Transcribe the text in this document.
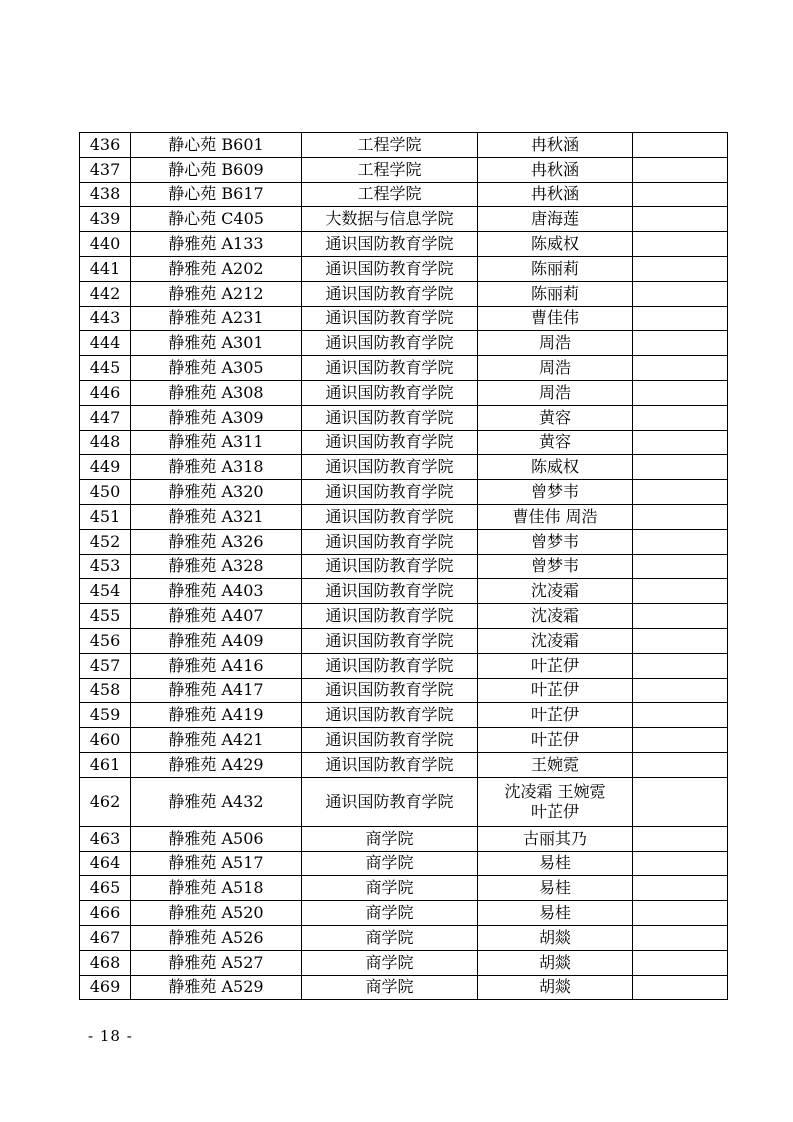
436	静心苑 B601	工程学院	冉秋涵	
437	静心苑 B609	工程学院	冉秋涵	
438	静心苑 B617	工程学院	冉秋涵	
439	静心苑 C405	大数据与信息学院	唐海莲	
440	静雅苑 A133	通识国防教育学院	陈威权	
441	静雅苑 A202	通识国防教育学院	陈丽莉	
442	静雅苑 A212	通识国防教育学院	陈丽莉	
443	静雅苑 A231	通识国防教育学院	曹佳伟	
444	静雅苑 A301	通识国防教育学院	周浩	
445	静雅苑 A305	通识国防教育学院	周浩	
446	静雅苑 A308	通识国防教育学院	周浩	
447	静雅苑 A309	通识国防教育学院	黄容	
448	静雅苑 A311	通识国防教育学院	黄容	
449	静雅苑 A318	通识国防教育学院	陈威权	
450	静雅苑 A320	通识国防教育学院	曾梦韦	
451	静雅苑 A321	通识国防教育学院	曹佳伟 周浩	
452	静雅苑 A326	通识国防教育学院	曾梦韦	
453	静雅苑 A328	通识国防教育学院	曾梦韦	
454	静雅苑 A403	通识国防教育学院	沈凌霜	
455	静雅苑 A407	通识国防教育学院	沈凌霜	
456	静雅苑 A409	通识国防教育学院	沈凌霜	
457	静雅苑 A416	通识国防教育学院	叶芷伊	
458	静雅苑 A417	通识国防教育学院	叶芷伊	
459	静雅苑 A419	通识国防教育学院	叶芷伊	
460	静雅苑 A421	通识国防教育学院	叶芷伊	
461	静雅苑 A429	通识国防教育学院	王婉霓	
462	静雅苑 A432	通识国防教育学院	沈凌霜 王婉霓
叶芷伊	

463	静雅苑 A506	商学院	古丽其乃	
464	静雅苑 A517	商学院	易桂	
465	静雅苑 A518	商学院	易桂	
466	静雅苑 A520	商学院	易桂	
467	静雅苑 A526	商学院	胡燚	
468	静雅苑 A527	商学院	胡燚	
469	静雅苑 A529	商学院	胡燚	
- 18 -
